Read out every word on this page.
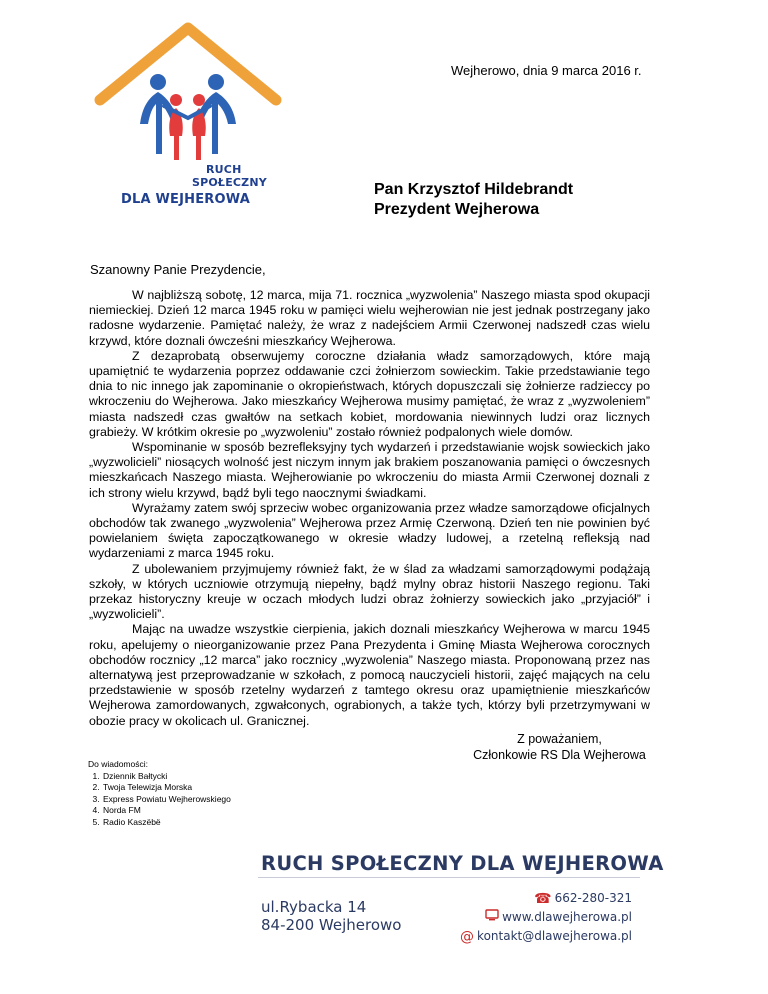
RUCH
SPOŁECZNY
DLA WEJHEROWA
Wejherowo, dnia 9 marca 2016 r.
Pan Krzysztof Hildebrandt
Prezydent Wejherowa
Szanowny Panie Prezydencie,

W najbliższą sobotę, 12 marca, mija 71. rocznica „wyzwolenia” Naszego miasta spod okupacji niemieckiej. Dzień 12 marca 1945 roku w pamięci wielu wejherowian nie jest jednak postrzegany jako radosne wydarzenie. Pamiętać należy, że wraz z nadejściem Armii Czerwonej nadszedł czas wielu krzywd, które doznali ówcześni mieszkańcy Wejherowa.

Z dezaprobatą obserwujemy coroczne działania władz samorządowych, które mają upamiętnić te wydarzenia poprzez oddawanie czci żołnierzom sowieckim. Takie przedstawianie tego dnia to nic innego jak zapominanie o okropieństwach, których dopuszczali się żołnierze radzieccy po wkroczeniu do Wejherowa. Jako mieszkańcy Wejherowa musimy pamiętać, że wraz z „wyzwoleniem” miasta nadszedł czas gwałtów na setkach kobiet, mordowania niewinnych ludzi oraz licznych grabieży. W krótkim okresie po „wyzwoleniu” zostało również podpalonych wiele domów.

Wspominanie w sposób bezrefleksyjny tych wydarzeń i przedstawianie wojsk sowieckich jako „wyzwolicieli” niosących wolność jest niczym innym jak brakiem poszanowania pamięci o ówczesnych mieszkańcach Naszego miasta. Wejherowianie po wkroczeniu do miasta Armii Czerwonej doznali z ich strony wielu krzywd, bądź byli tego naocznymi świadkami.

Wyrażamy zatem swój sprzeciw wobec organizowania przez władze samorządowe oficjalnych obchodów tak zwanego „wyzwolenia” Wejherowa przez Armię Czerwoną. Dzień ten nie powinien być powielaniem święta zapoczątkowanego w okresie władzy ludowej, a rzetelną refleksją nad wydarzeniami z marca 1945 roku.

Z ubolewaniem przyjmujemy również fakt, że w ślad za władzami samorządowymi podążają szkoły, w których uczniowie otrzymują niepełny, bądź mylny obraz historii Naszego regionu. Taki przekaz historyczny kreuje w oczach młodych ludzi obraz żołnierzy sowieckich jako „przyjaciół” i „wyzwolicieli”.

Mając na uwadze wszystkie cierpienia, jakich doznali mieszkańcy Wejherowa w marcu 1945 roku, apelujemy o nieorganizowanie przez Pana Prezydenta i Gminę Miasta Wejherowa corocznych obchodów rocznicy „12 marca” jako rocznicy „wyzwolenia” Naszego miasta. Proponowaną przez nas alternatywą jest przeprowadzanie w szkołach, z pomocą nauczycieli historii, zajęć mających na celu przedstawienie w sposób rzetelny wydarzeń z tamtego okresu oraz upamiętnienie mieszkańców Wejherowa zamordowanych, zgwałconych, ograbionych, a także tych, którzy byli przetrzymywani w obozie pracy w okolicach ul. Granicznej.

Z poważaniem,
Członkowie RS Dla Wejherowa
Do wiadomości:
1. Dziennik Bałtycki
2. Twoja Telewizja Morska
3. Express Powiatu Wejherowskiego
4. Norda FM
5. Radio Kaszëbë
RUCH SPOŁECZNY DLA WEJHEROWA
ul.Rybacka 14
84-200 Wejherowo
☎ 662-280-321
www.dlawejherowa.pl
@ kontakt@dlawejherowa.pl
